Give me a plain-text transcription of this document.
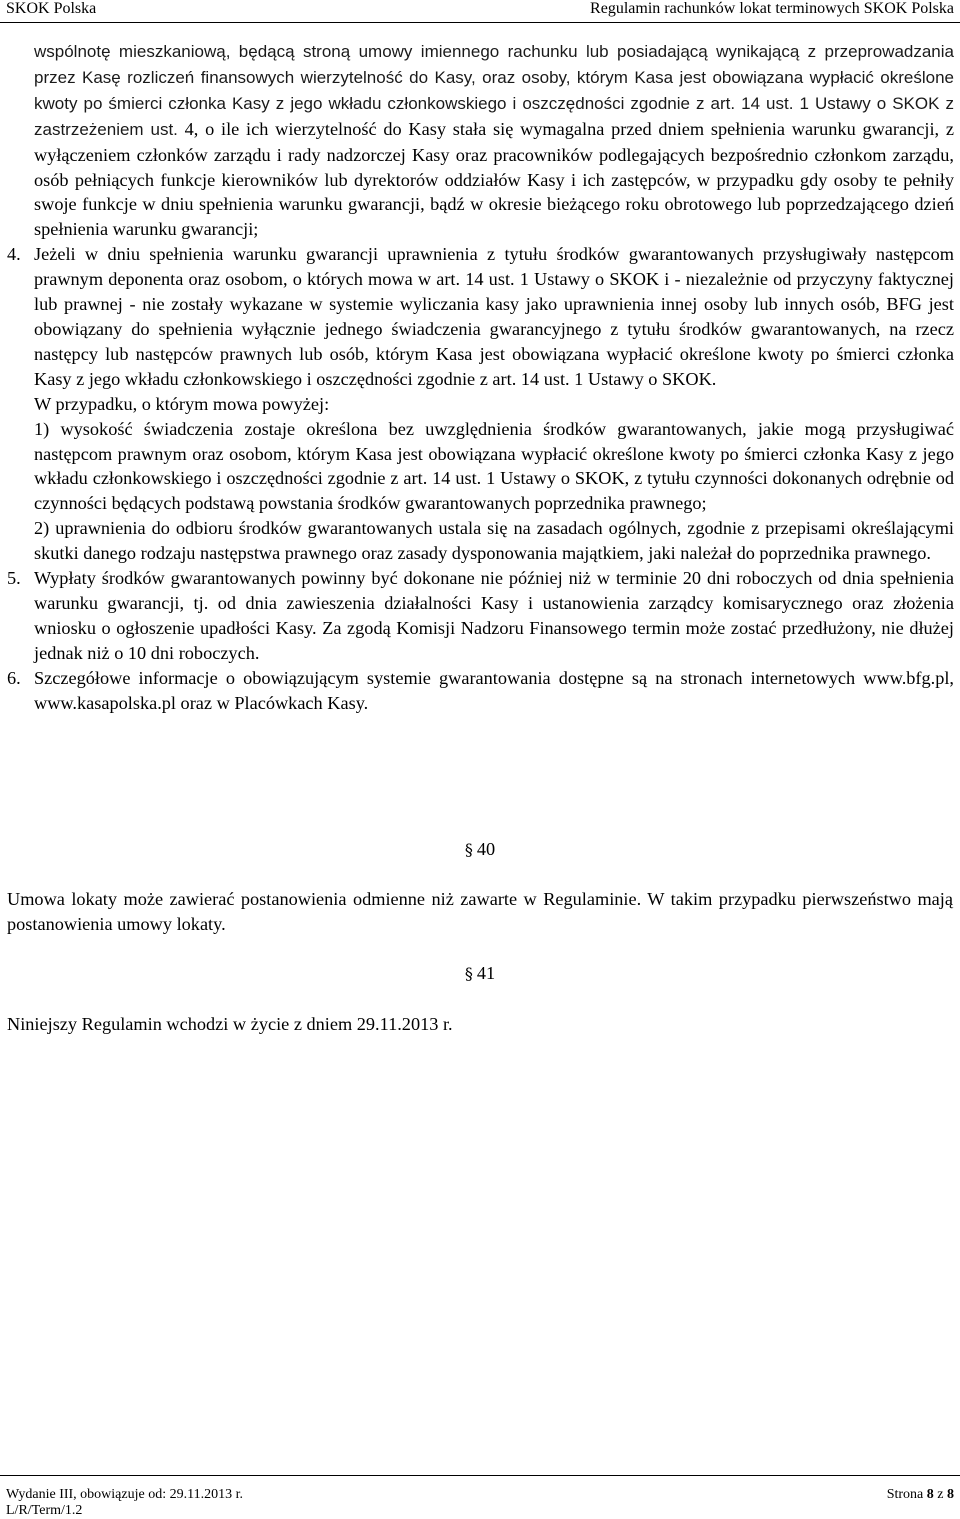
SKOK Polska	Regulamin rachunków lokat terminowych SKOK Polska

wspólnotę mieszkaniową, będącą stroną umowy imiennego rachunku lub posiadającą wynikającą z przeprowadzania przez Kasę rozliczeń finansowych wierzytelność do Kasy, oraz osoby, którym Kasa jest obowiązana wypłacić określone kwoty po śmierci członka Kasy z jego wkładu członkowskiego i oszczędności zgodnie z art. 14 ust. 1 Ustawy o SKOK z zastrzeżeniem ust. 4, o ile ich wierzytelność do Kasy stała się wymagalna przed dniem spełnienia warunku gwarancji, z wyłączeniem członków zarządu i rady nadzorczej Kasy oraz pracowników podlegających bezpośrednio członkom zarządu, osób pełniących funkcje kierowników lub dyrektorów oddziałów Kasy i ich zastępców, w przypadku gdy osoby te pełniły swoje funkcje w dniu spełnienia warunku gwarancji, bądź w okresie bieżącego roku obrotowego lub poprzedzającego dzień spełnienia warunku gwarancji;

4. Jeżeli w dniu spełnienia warunku gwarancji uprawnienia z tytułu środków gwarantowanych przysługiwały następcom prawnym deponenta oraz osobom, o których mowa w art. 14 ust. 1 Ustawy o SKOK i - niezależnie od przyczyny faktycznej lub prawnej - nie zostały wykazane w systemie wyliczania kasy jako uprawnienia innej osoby lub innych osób, BFG jest obowiązany do spełnienia wyłącznie jednego świadczenia gwarancyjnego z tytułu środków gwarantowanych, na rzecz następcy lub następców prawnych lub osób, którym Kasa jest obowiązana wypłacić określone kwoty po śmierci członka Kasy z jego wkładu członkowskiego i oszczędności zgodnie z art. 14 ust. 1 Ustawy o SKOK.

W przypadku, o którym mowa powyżej:

1) wysokość świadczenia zostaje określona bez uwzględnienia środków gwarantowanych, jakie mogą przysługiwać następcom prawnym oraz osobom, którym Kasa jest obowiązana wypłacić określone kwoty po śmierci członka Kasy z jego wkładu członkowskiego i oszczędności zgodnie z art. 14 ust. 1 Ustawy o SKOK, z tytułu czynności dokonanych odrębnie od czynności będących podstawą powstania środków gwarantowanych poprzednika prawnego;

2) uprawnienia do odbioru środków gwarantowanych ustala się na zasadach ogólnych, zgodnie z przepisami określającymi skutki danego rodzaju następstwa prawnego oraz zasady dysponowania majątkiem, jaki należał do poprzednika prawnego.

5. Wypłaty środków gwarantowanych powinny być dokonane nie później niż w terminie 20 dni roboczych od dnia spełnienia warunku gwarancji, tj. od dnia zawieszenia działalności Kasy i ustanowienia zarządcy komisarycznego oraz złożenia wniosku o ogłoszenie upadłości Kasy. Za zgodą Komisji Nadzoru Finansowego termin może zostać przedłużony, nie dłużej jednak niż o 10 dni roboczych.

6. Szczegółowe informacje o obowiązującym systemie gwarantowania dostępne są na stronach internetowych www.bfg.pl, www.kasapolska.pl oraz w Placówkach Kasy.

§ 40
Umowa lokaty może zawierać postanowienia odmienne niż zawarte w Regulaminie. W takim przypadku pierwszeństwo mają postanowienia umowy lokaty.
§ 41
Niniejszy Regulamin wchodzi w życie z dniem 29.11.2013 r.
Wydanie III, obowiązuje od: 29.11.2013 r.
L/R/Term/1.2
Strona 8 z 8
